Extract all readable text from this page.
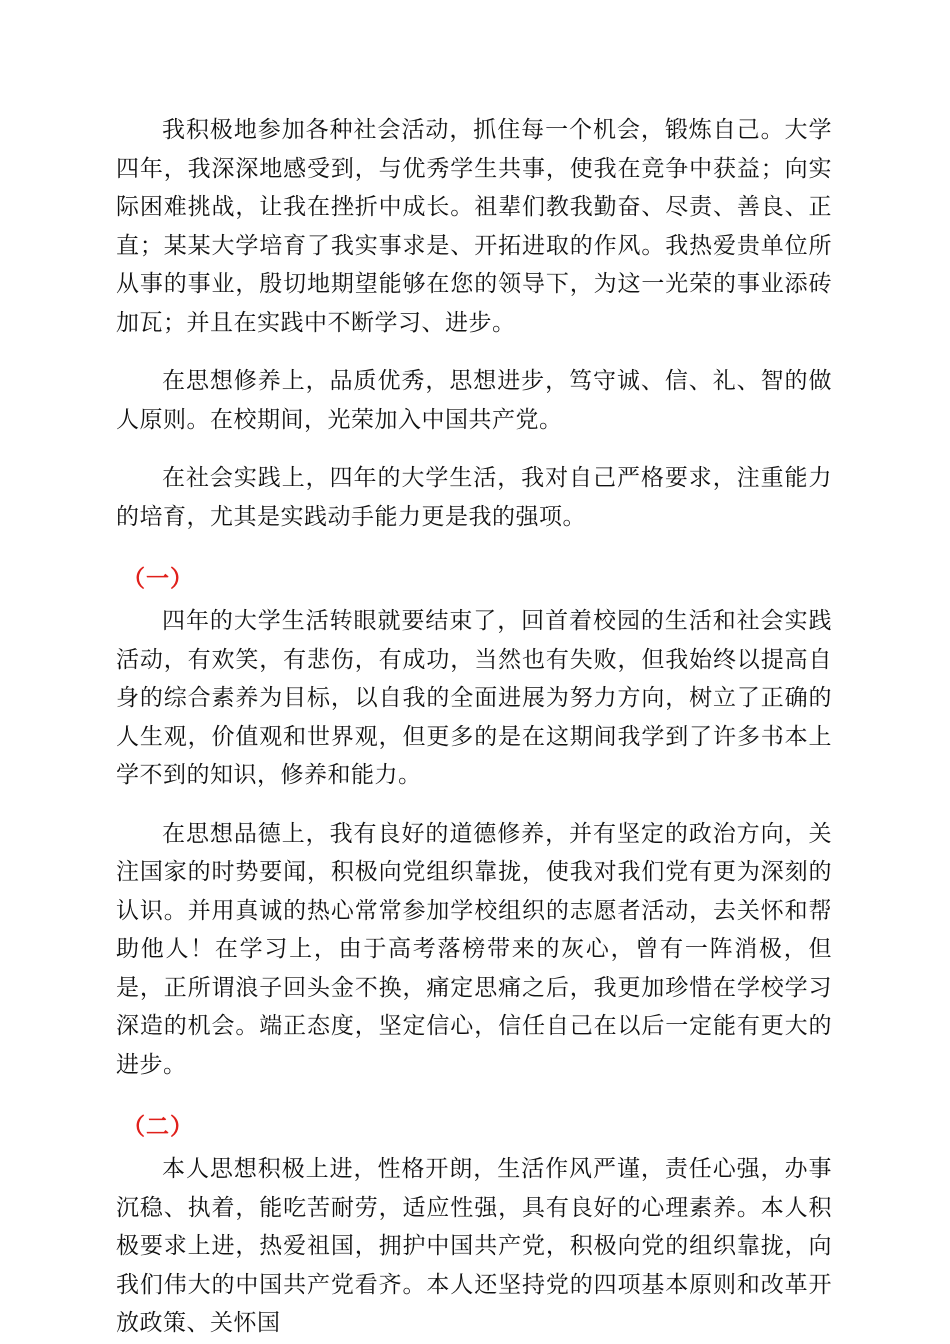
我积极地参加各种社会活动，抓住每一个机会，锻炼自己。大学四年，我深深地感受到，与优秀学生共事，使我在竞争中获益；向实际困难挑战，让我在挫折中成长。祖辈们教我勤奋、尽责、善良、正直；某某大学培育了我实事求是、开拓进取的作风。我热爱贵单位所从事的事业，殷切地期望能够在您的领导下，为这一光荣的事业添砖加瓦；并且在实践中不断学习、进步。

在思想修养上，品质优秀，思想进步，笃守诚、信、礼、智的做人原则。在校期间，光荣加入中国共产党。

在社会实践上，四年的大学生活，我对自己严格要求，注重能力的培育，尤其是实践动手能力更是我的强项。

（一）

四年的大学生活转眼就要结束了，回首着校园的生活和社会实践活动，有欢笑，有悲伤，有成功，当然也有失败，但我始终以提高自身的综合素养为目标，以自我的全面进展为努力方向，树立了正确的人生观，价值观和世界观，但更多的是在这期间我学到了许多书本上学不到的知识，修养和能力。

在思想品德上，我有良好的道德修养，并有坚定的政治方向，关注国家的时势要闻，积极向党组织靠拢，使我对我们党有更为深刻的认识。并用真诚的热心常常参加学校组织的志愿者活动，去关怀和帮助他人！在学习上，由于高考落榜带来的灰心，曾有一阵消极，但是，正所谓浪子回头金不换，痛定思痛之后，我更加珍惜在学校学习深造的机会。端正态度，坚定信心，信任自己在以后一定能有更大的进步。

（二）

本人思想积极上进，性格开朗，生活作风严谨，责任心强，办事沉稳、执着，能吃苦耐劳，适应性强，具有良好的心理素养。本人积极要求上进，热爱祖国，拥护中国共产党，积极向党的组织靠拢，向我们伟大的中国共产党看齐。本人还坚持党的四项基本原则和改革开放政策、关怀国
